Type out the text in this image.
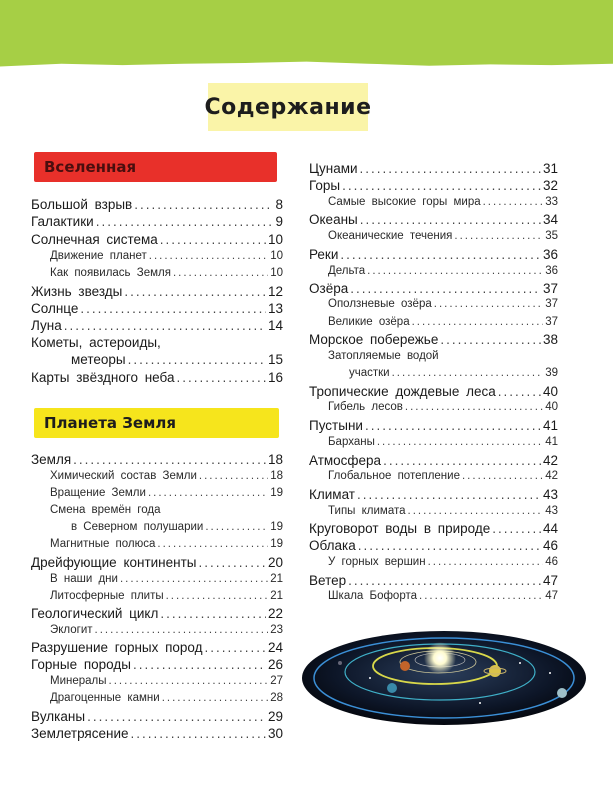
Содержание
Вселенная
Большой взрыв .....	8
Галактики .....	9
Солнечная система .....	10
Движение планет .....	10
Как появилась Земля .....	10
Жизнь звезды .....	12
Солнце .....	13
Луна .....	14
Кометы, астероиды,
метеоры .....	15
Карты звёздного неба .....	16
Планета Земля
Земля .....	18
Химический состав Земли .....	18
Вращение Земли .....	19
Смена времён года
в Северном полушарии .....	19
Магнитные полюса .....	19
Дрейфующие континенты .....	20
В наши дни .....	21
Литосферные плиты .....	21
Геологический цикл .....	22
Эклогит .....	23
Разрушение горных пород .....	24
Горные породы .....	26
Минералы .....	27
Драгоценные камни .....	28
Вулканы .....	29
Землетрясение .....	30
Цунами .....	31
Горы .....	32
Самые высокие горы мира .....	33
Океаны .....	34
Океанические течения .....	35
Реки .....	36
Дельта .....	36
Озёра .....	37
Оползневые озёра .....	37
Великие озёра .....	37
Морское побережье .....	38
Затопляемые водой
участки .....	39
Тропические дождевые леса .....	40
Гибель лесов .....	40
Пустыни .....	41
Барханы .....	41
Атмосфера .....	42
Глобальное потепление .....	42
Климат .....	43
Типы климата .....	43
Круговорот воды в природе .....	44
Облака .....	46
У горных вершин .....	46
Ветер .....	47
Шкала Бофорта .....	47
